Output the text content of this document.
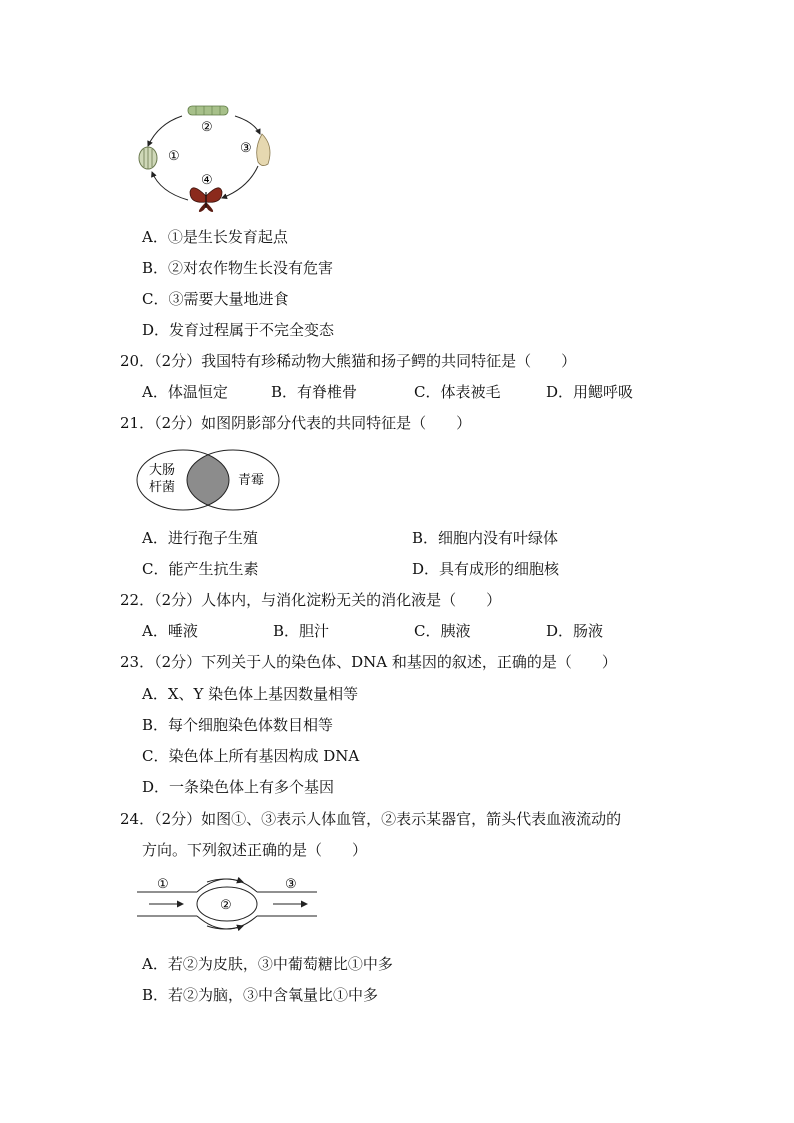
①
②
③
④
A．①是生长发育起点
B．②对农作物生长没有危害
C．③需要大量地进食
D．发育过程属于不完全变态
20．（2分）我国特有珍稀动物大熊猫和扬子鳄的共同特征是（　　）
A．体温恒定	B．有脊椎骨	C．体表被毛	D．用鳃呼吸
21．（2分）如图阴影部分代表的共同特征是（　　）
大肠
杆菌	青霉
A．进行孢子生殖	B．细胞内没有叶绿体
C．能产生抗生素	D．具有成形的细胞核
22．（2分）人体内，与消化淀粉无关的消化液是（　　）
A．唾液	B．胆汁	C．胰液	D．肠液
23．（2分）下列关于人的染色体、DNA 和基因的叙述，正确的是（　　）
A．X、Y 染色体上基因数量相等
B．每个细胞染色体数目相等
C．染色体上所有基因构成 DNA
D．一条染色体上有多个基因
24．（2分）如图①、③表示人体血管，②表示某器官，箭头代表血液流动的
方向。下列叙述正确的是（　　）
①
②
③
A．若②为皮肤，③中葡萄糖比①中多
B．若②为脑，③中含氧量比①中多
